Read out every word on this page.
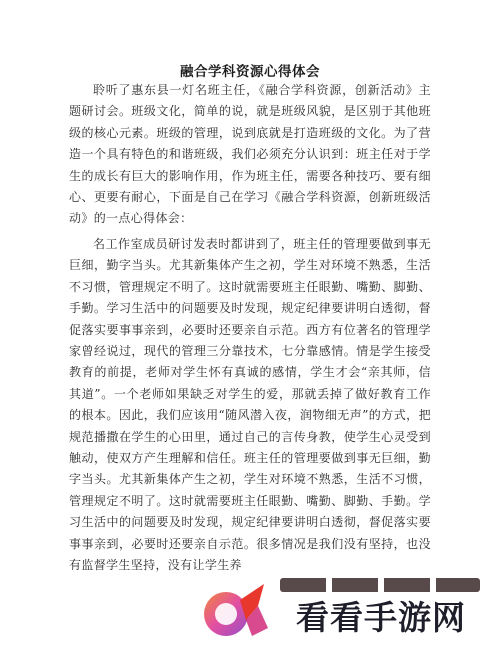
融合学科资源心得体会

聆听了惠东县一灯名班主任，《融合学科资源，创新活动》主题研讨会。班级文化，简单的说，就是班级风貌，是区别于其他班级的核心元素。班级的管理，说到底就是打造班级的文化。为了营造一个具有特色的和谐班级，我们必须充分认识到：班主任对于学生的成长有巨大的影响作用，作为班主任，需要各种技巧、要有细心、更要有耐心，下面是自己在学习《融合学科资源，创新班级活动》的一点心得体会：

名工作室成员研讨发表时都讲到了，班主任的管理要做到事无巨细，勤字当头。尤其新集体产生之初，学生对环境不熟悉，生活不习惯，管理规定不明了。这时就需要班主任眼勤、嘴勤、脚勤、手勤。学习生活中的问题要及时发现，规定纪律要讲明白透彻，督促落实要事事亲到，必要时还要亲自示范。西方有位著名的管理学家曾经说过，现代的管理三分靠技术，七分靠感情。情是学生接受教育的前提，老师对学生怀有真诚的感情，学生才会“亲其师，信其道”。一个老师如果缺乏对学生的爱，那就丢掉了做好教育工作的根本。因此，我们应该用“随风潜入夜，润物细无声”的方式，把规范播撒在学生的心田里，通过自己的言传身教，使学生心灵受到触动，使双方产生理解和信任。班主任的管理要做到事无巨细，勤字当头。尤其新集体产生之初，学生对环境不熟悉，生活不习惯，管理规定不明了。这时就需要班主任眼勤、嘴勤、脚勤、手勤。学习生活中的问题要及时发现，规定纪律要讲明白透彻，督促落实要事事亲到，必要时还要亲自示范。很多情况是我们没有坚持，也没有监督学生坚持，没有让学生养

看看手游网
